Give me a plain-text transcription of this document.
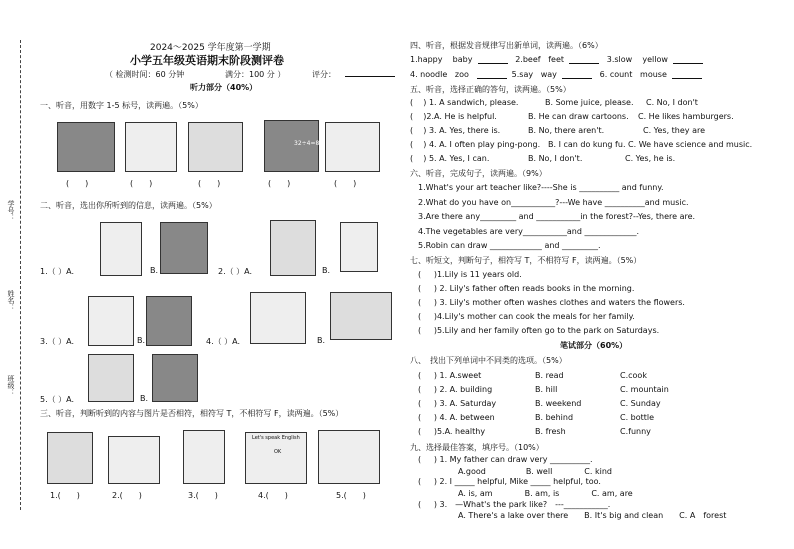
学号：
姓名：
班级：
2024～2025 学年度第一学期
小学五年级英语期末阶段测评卷
（ 检测时间：60 分钟	满分：100 分 ）	评分：
听力部分（40%）
一、听音，用数字 1-5 标号，读两遍。（5%）
32÷4=8
(　　)	(　　)	(　　)	(　　)	(　　)
二、听音，选出你所听到的信息，读两遍。（5%）
1.（ ）A.	B.	2.（ ）A.	B.
3.（ ）A.	B.	4.（ ）A.	B.
5.（ ）A.	B.
三、听音，判断听到的内容与图片是否相符，相符写 T，不相符写 F，读两遍。（5%）
Let's speak English
OK
1.(　　)	2.(　　)	3.(　　)	4.(　　)	5.(　　)
四、听音，根据发音规律写出新单词，读两遍。（6%）
1.happy baby	2.beef feet	3.slow yellow
4. noodle zoo	5.say way	6. count mouse
五、听音，选择正确的答句，读两遍。（5%）
( ) 1. A sandwich, please.	B. Some juice, please. C. No, I don't
( )2.A. He is helpful.	B. He can draw cartoons. C. He likes hamburgers.
( ) 3. A. Yes, there is.	B. No, there aren't.	C. Yes, they are
( ) 4. A. I often play ping-pong. B. I can do kung fu. C. We have science and music.
( ) 5. A. Yes, I can.	B. No, I don't.	C. Yes, he is.
六、听音，完成句子，读两遍。（9%）
1.What's your art teacher like?----She is __________ and funny.
2.What do you have on___________?---We have __________and music.
3.Are there any_________ and ___________in the forest?--Yes, there are.
4.The vegetables are very___________and _____________.
5.Robin can draw _____________ and _________.
七、听短文，判断句子，相符写 T，不相符写 F，读两遍。（5%）
(     )1.Lily is 11 years old.
(     ) 2. Lily's father often reads books in the morning.
(     ) 3. Lily's mother often washes clothes and waters the flowers.
(     )4.Lily's mother can cook the meals for her family.
(     )5.Lily and her family often go to the park on Saturdays.
笔试部分（60%）
八、　找出下列单词中不同类的选项。（5%）
(     ) 1. A.sweet	B. read	C.cook
(     ) 2. A. building	B. hill	C. mountain
(     ) 3. A. Saturday	B. weekend	C. Sunday
(     ) 4. A. between	B. behind	C. bottle
(     )5.A. healthy	B. fresh	C.funny
九、选择最佳答案，填序号。（10%）
(     ) 1. My father can draw very __________.
A.good　　　　　B. well　　　　C. kind
(     ) 2. I _____ helpful, Mike _____ helpful, too.
A. is, am　　　　B. am, is　　　　C. am, are
(     ) 3.　—What's the park like?　---___________.
A. There's a lake over there　　B. It's big and clean　　C. A　forest
